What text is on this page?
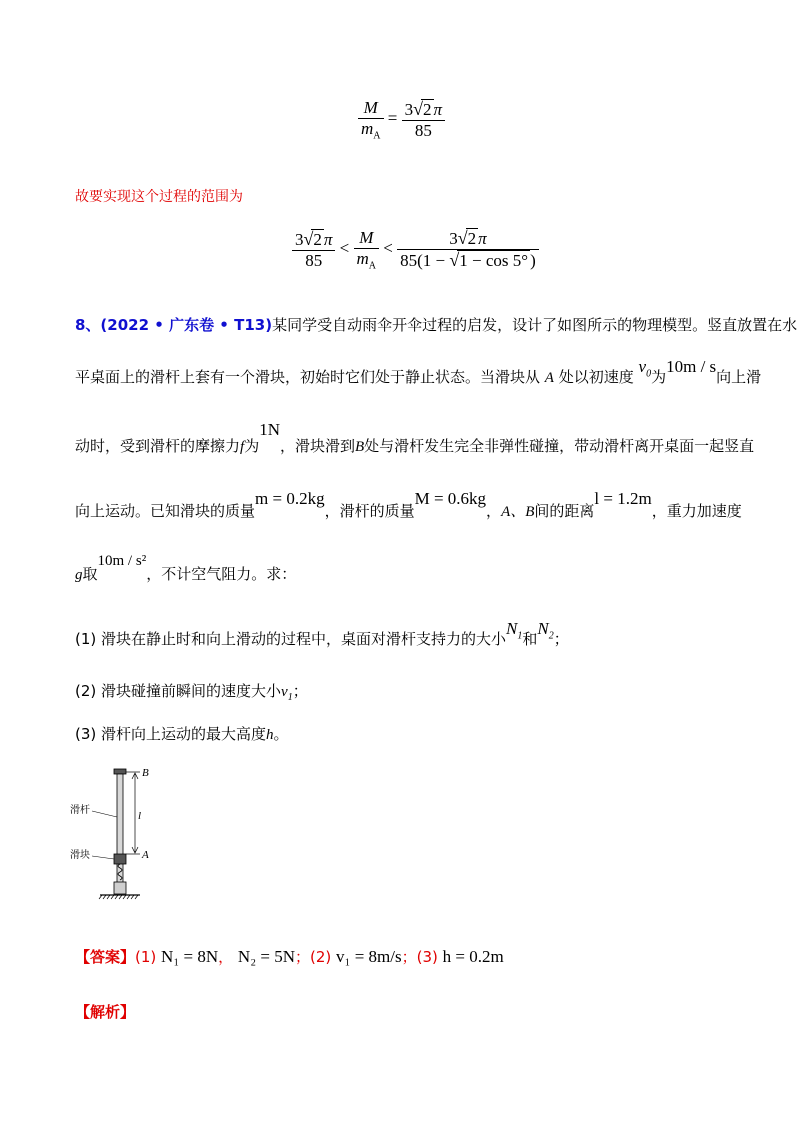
$\frac{M}{m_A} = \frac{3√2 \pi}{85}$
故要实现这个过程的范围为
$\frac{3√2 \pi}{85} < \frac{M}{m_A} < \frac{3√2 \pi}{85(1 - √1 - \cos 5^\circ )}$
8、(2022 • 广东卷 • T13)某同学受自动雨伞开伞过程的启发，设计了如图所示的物理模型。竖直放置在水
平桌面上的滑杆上套有一个滑块，初始时它们处于静止状态。当滑块从 A 处以初速度 $v_0$为10m / s向上滑
动时，受到滑杆的摩擦力f为1N，滑块滑到B处与滑杆发生完全非弹性碰撞，带动滑杆离开桌面一起竖直
向上运动。已知滑块的质量m = 0.2kg，滑杆的质量M = 0.6kg，A、B间的距离l = 1.2m，重力加速度
g取10m / s²，不计空气阻力。求：
(1) 滑块在静止时和向上滑动的过程中，桌面对滑杆支持力的大小$N_1$和$N_2$；
(2) 滑块碰撞前瞬间的速度大小$v_1$；
(3) 滑杆向上运动的最大高度h。
B
A
l
滑杆
滑块
【答案】(1) N₁ = 8N， N₂ = 5N；(2) v₁ = 8m/s；(3) h = 0.2m
【解析】
